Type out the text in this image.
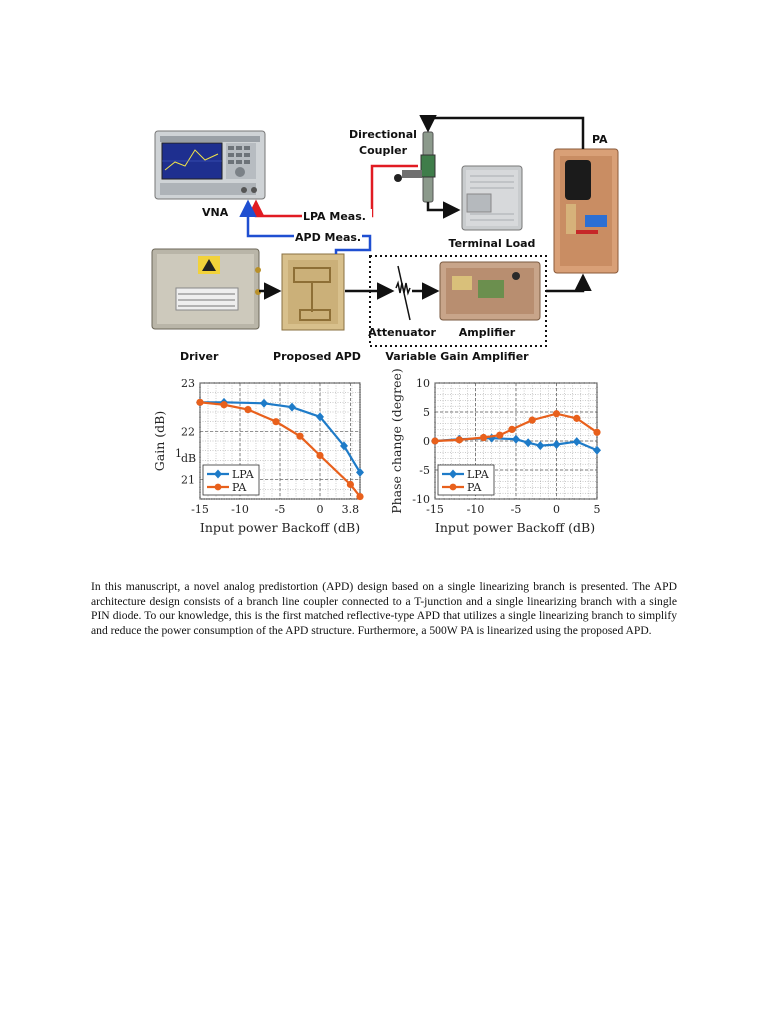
VNA
Directional
Coupler
Terminal Load
PA
Driver	Proposed APD
Attenuator Amplifier
Variable Gain Amplifier
LPA Meas.
APD Meas.
-15 -10 -5	0 3.8
23
22
21	LPA
PA
Input power Backoff (dB)
Gain (dB) 1 dB
-15 -10 -5	0	5
10
5
0
-5
-10
LPA
PA
Input power Backoff (dB)
Phase change (degree)

In this manuscript, a novel analog predistortion (APD) design based on a single linearizing branch is presented. The APD architecture design consists of a branch line coupler connected to a T-junction and a single linearizing branch with a single PIN diode. To our knowledge, this is the first matched reflective-type APD that utilizes a single linearizing branch to simplify and reduce the power consumption of the APD structure. Furthermore, a 500W PA is linearized using the proposed APD.
